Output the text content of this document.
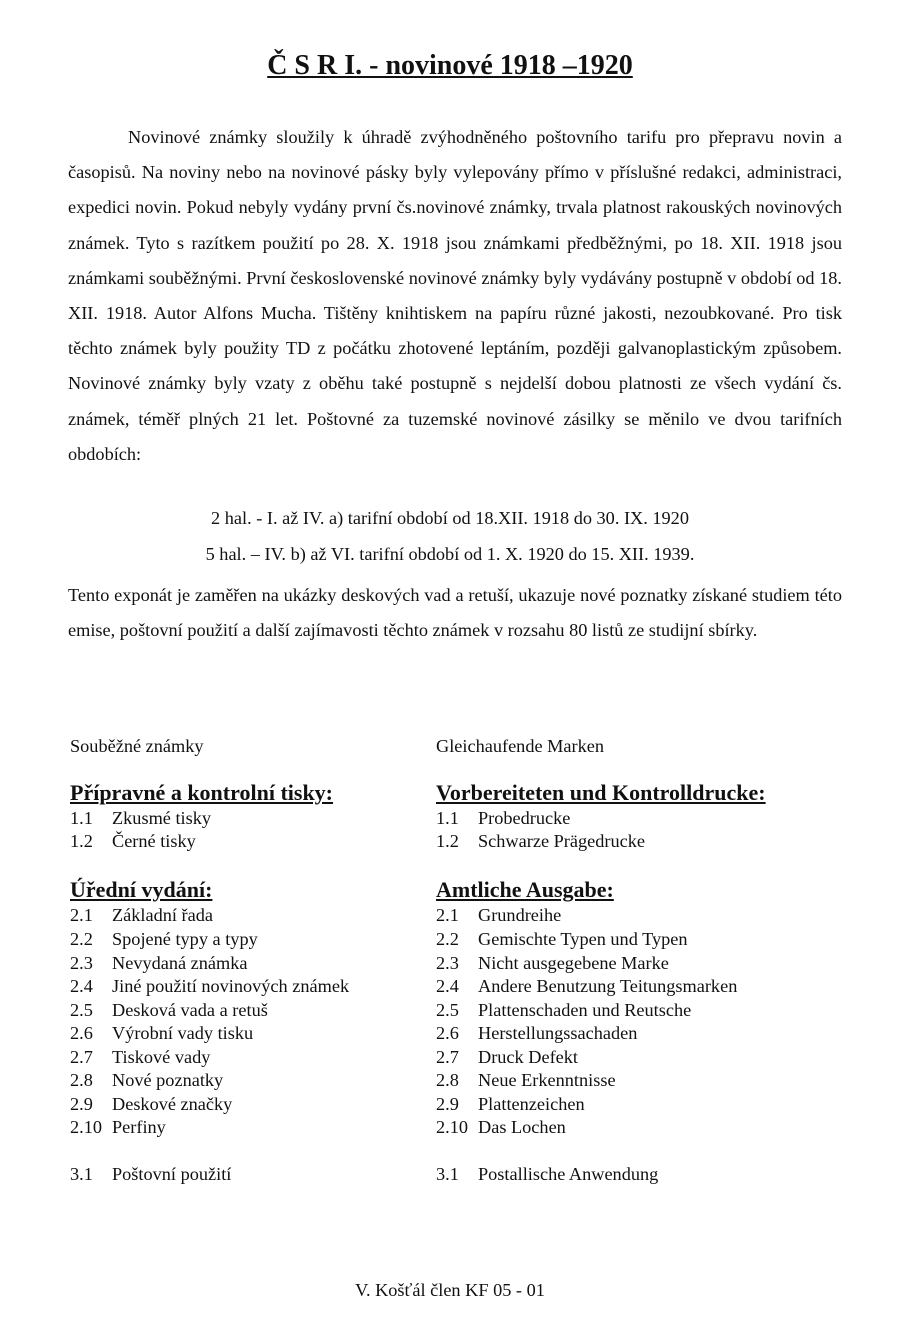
Č S R I. - novinové 1918 –1920

Novinové známky sloužily k úhradě zvýhodněného poštovního tarifu pro přepravu novin a časopisů. Na noviny nebo na novinové pásky byly vylepovány přímo v příslušné redakci, administraci, expedici novin. Pokud nebyly vydány první čs.novinové známky, trvala platnost rakouských novinových známek. Tyto s razítkem použití po 28. X. 1918 jsou známkami předběžnými, po 18. XII. 1918 jsou známkami souběžnými. První československé novinové známky byly vydávány postupně v období od 18. XII. 1918. Autor Alfons Mucha. Tištěny knihtiskem na papíru různé jakosti, nezoubkované. Pro tisk těchto známek byly použity TD z počátku zhotovené leptáním, později galvanoplastickým způsobem. Novinové známky byly vzaty z oběhu také postupně s nejdelší dobou platnosti ze všech vydání čs. známek, téměř plných 21 let. Poštovné za tuzemské novinové zásilky se měnilo ve dvou tarifních obdobích:

2 hal. - I. až IV. a) tarifní období od 18.XII. 1918 do 30. IX. 1920
5 hal. – IV. b) až VI. tarifní období od 1. X. 1920 do 15. XII. 1939.

Tento exponát je zaměřen na ukázky deskových vad a retuší, ukazuje nové poznatky získané studiem této emise, poštovní použití a další zajímavosti těchto známek v rozsahu 80 listů ze studijní sbírky.

Souběžné známky
Přípravné a kontrolní tisky:
1.1 Zkusmé tisky
1.2 Černé tisky
Úřední vydání:
2.1 Základní řada
2.2 Spojené typy a typy
2.3 Nevydaná známka
2.4 Jiné použití novinových známek
2.5 Desková vada a retuš
2.6 Výrobní vady tisku
2.7 Tiskové vady
2.8 Nové poznatky
2.9 Deskové značky
2.10 Perfiny
3.1 Poštovní použití
Gleichaufende Marken
Vorbereiteten und Kontrolldrucke:
1.1 Probedrucke
1.2 Schwarze Prägedrucke
Amtliche Ausgabe:
2.1 Grundreihe
2.2 Gemischte Typen und Typen
2.3 Nicht ausgegebene Marke
2.4 Andere Benutzung Teitungsmarken
2.5 Plattenschaden und Reutsche
2.6 Herstellungssachaden
2.7 Druck Defekt
2.8 Neue Erkenntnisse
2.9 Plattenzeichen
2.10 Das Lochen
3.1 Postallische Anwendung
V. Košťál člen KF 05 - 01
